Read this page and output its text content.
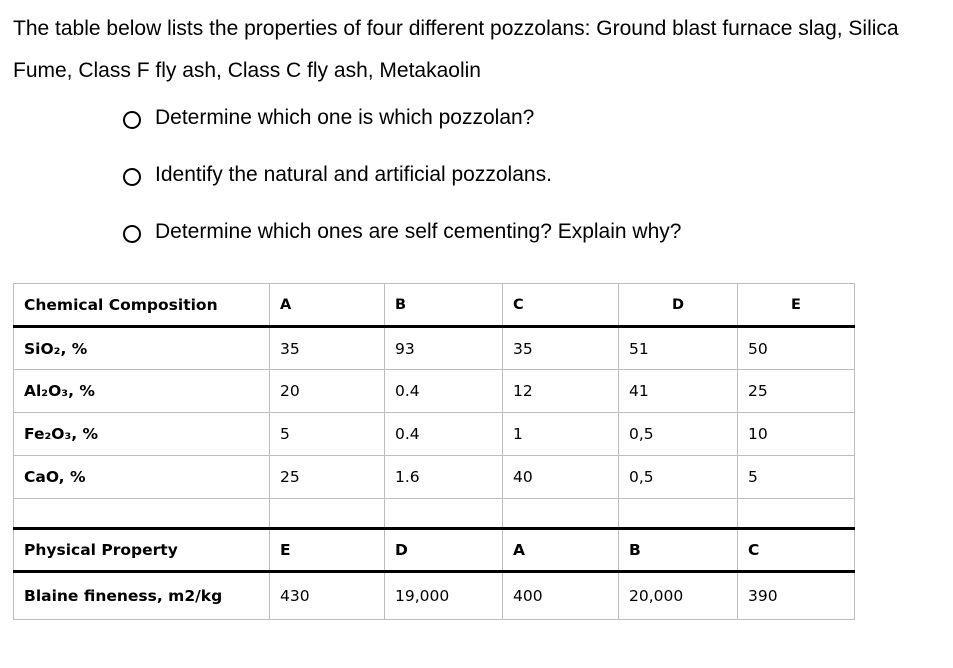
The table below lists the properties of four different pozzolans: Ground blast furnace slag, Silica Fume, Class F fly ash, Class C fly ash, Metakaolin
Determine which one is which pozzolan?
Identify the natural and artificial pozzolans.
Determine which ones are self cementing? Explain why?
Chemical Composition	A	B	C	D	E
SiO₂, %	35	93	35	51	50
Al₂O₃, %	20	0.4	12	41	25
Fe₂O₃, %	5	0.4	1	0,5	10
CaO, %	25	1.6	40	0,5	5

Physical Property	E	D	A	B	C
Blaine fineness, m2/kg	430	19,000	400	20,000	390
